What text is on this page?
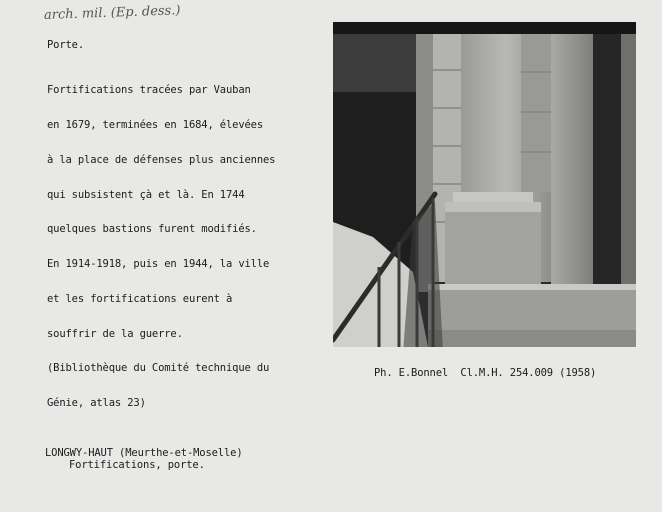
arch. mil. (Ep. dess.)
Porte.

Fortifications tracées par Vauban

en 1679, terminées en 1684, élevées

à la place de défenses plus anciennes

qui subsistent çà et là. En 1744

quelques bastions furent modifiés.

En 1914-1918, puis en 1944, la ville

et les fortifications eurent à

souffrir de la guerre.

(Bibliothèque du Comité technique du

Génie, atlas 23)

Ph. E.Bonnel  Cl.M.H. 254.009 (1958)
LONGWY-HAUT (Meurthe-et-Moselle)
Fortifications, porte.
